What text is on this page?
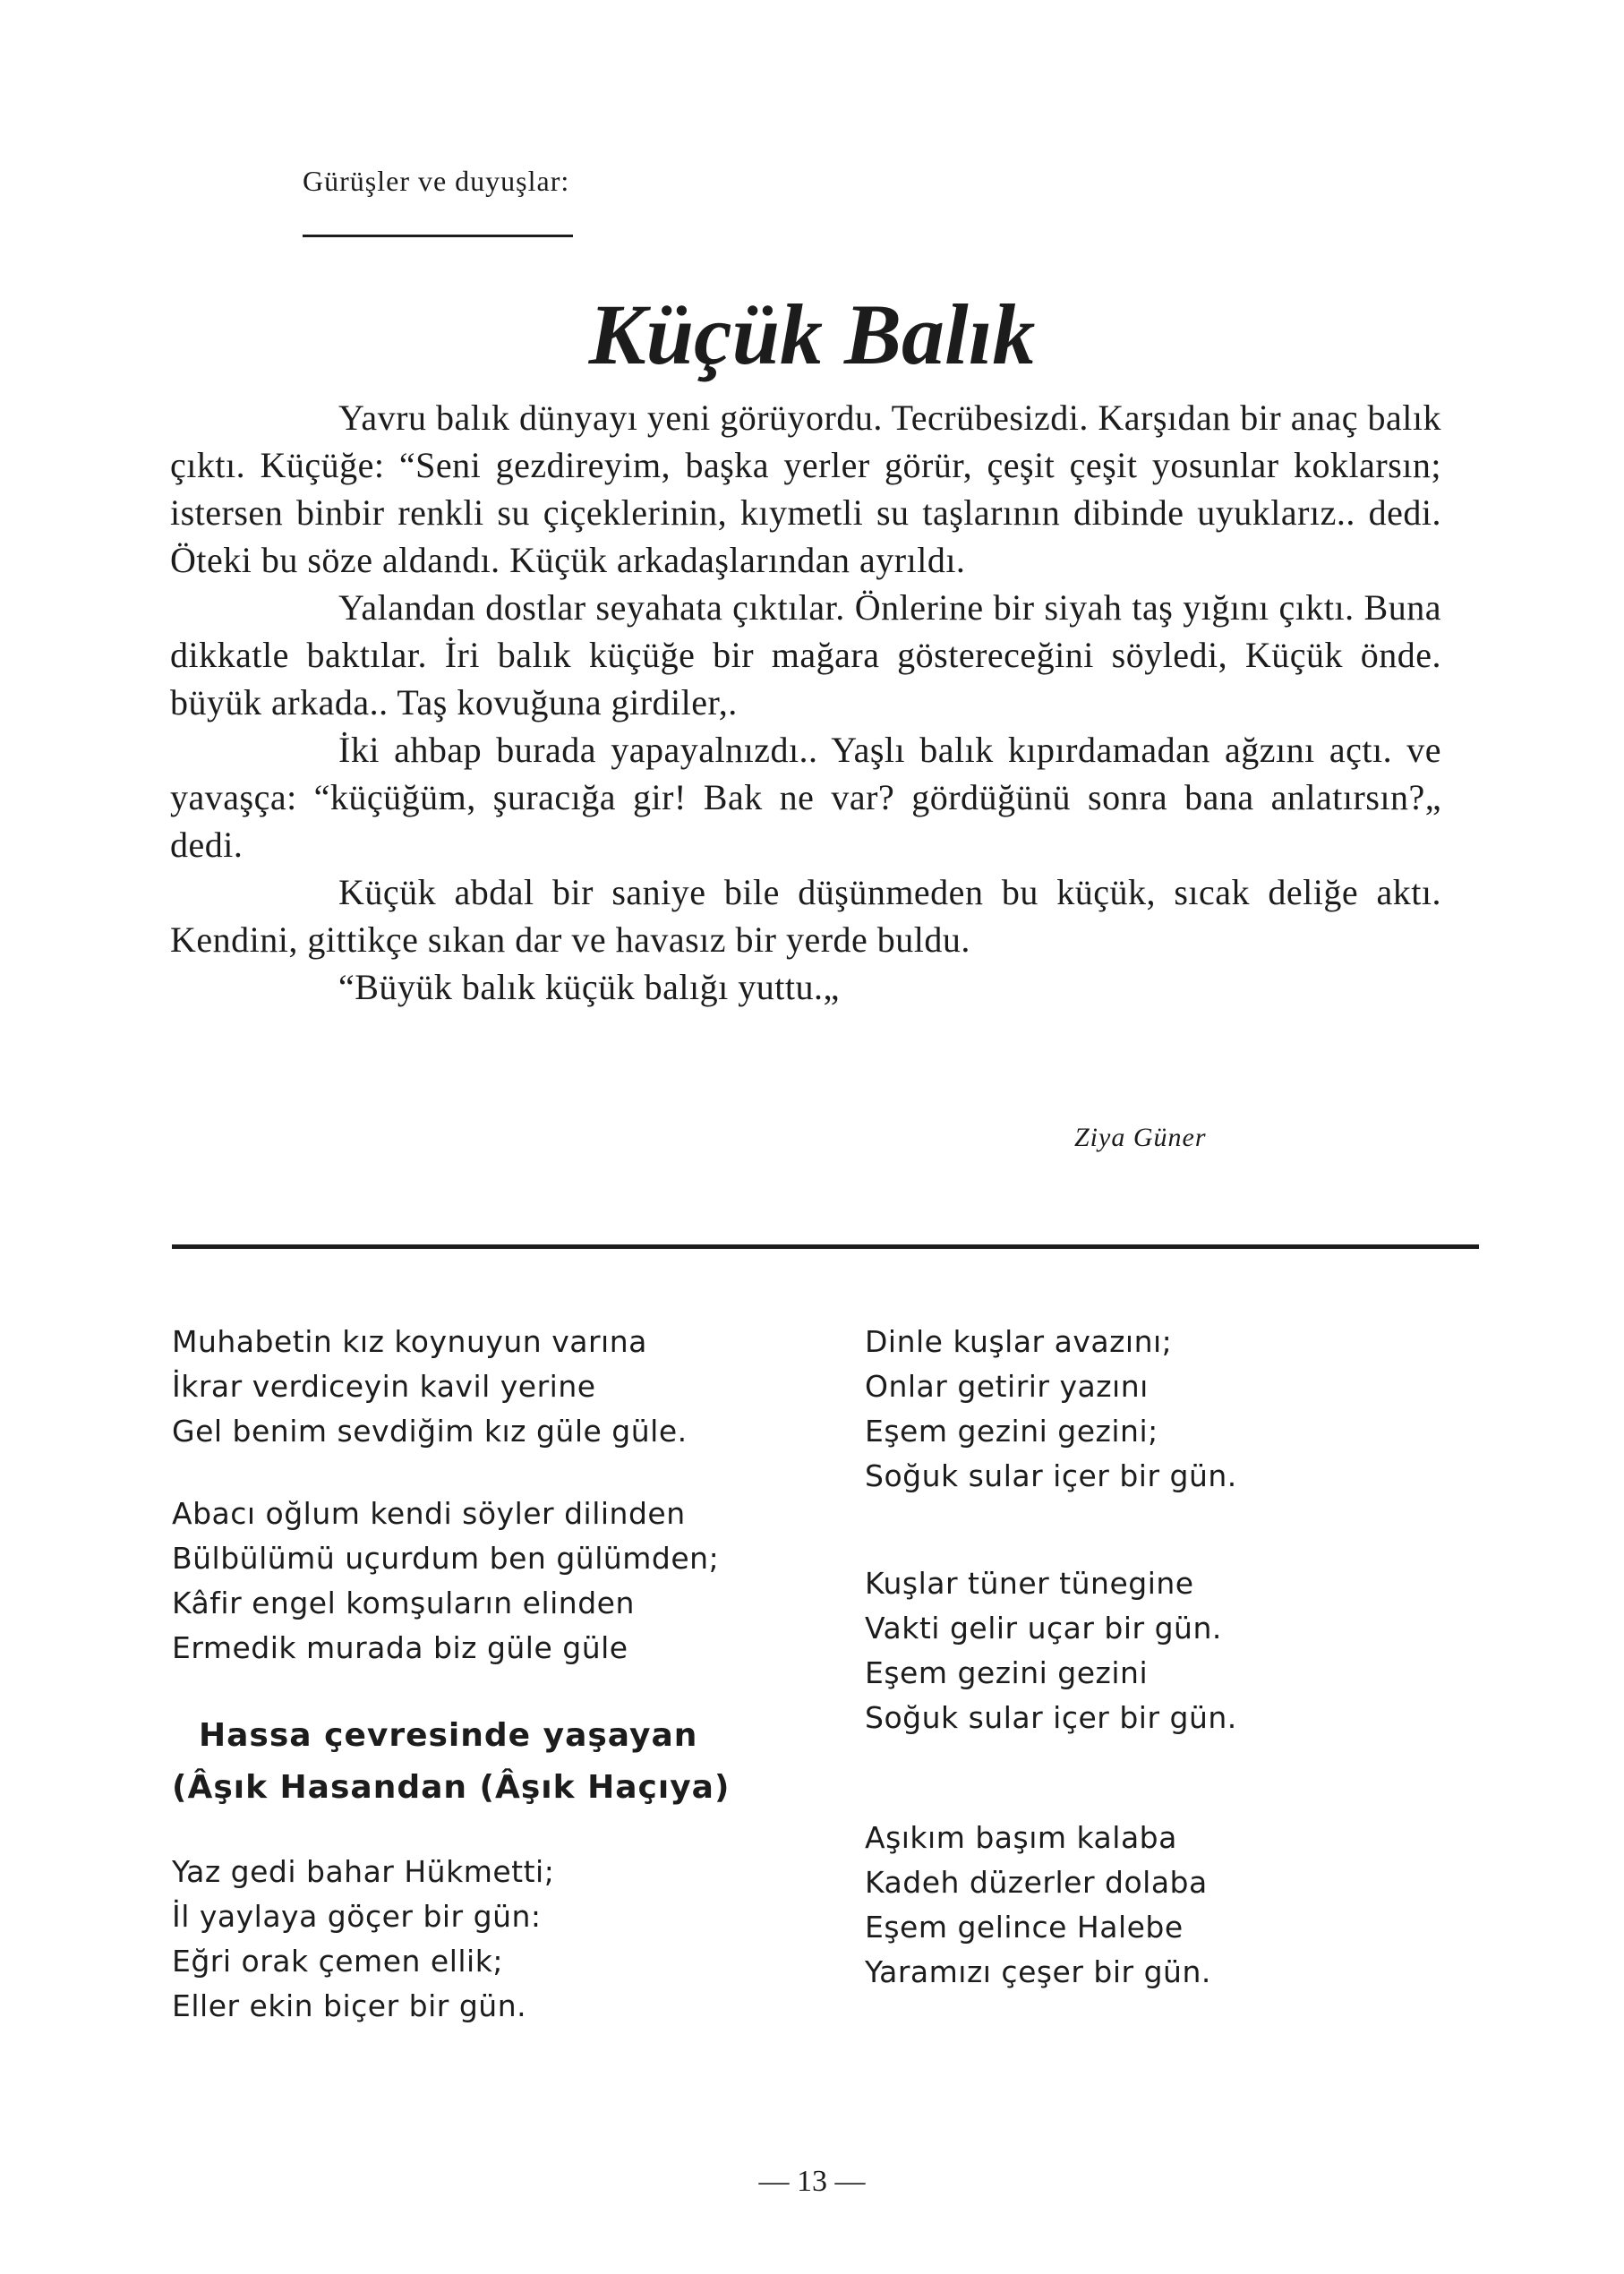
Gürüşler ve duyuşlar:
Küçük Balık

Yavru balık dünyayı yeni görüyordu. Tecrübesizdi. Karşıdan bir anaç balık çıktı. Küçüğe: “Seni gezdireyim, başka yerler görür, çeşit çeşit yosunlar koklarsın; istersen binbir renkli su çiçeklerinin, kıymetli su taşlarının dibinde uyuklarız.. dedi. Öteki bu söze aldandı. Küçük arkadaşlarından ayrıldı.

Yalandan dostlar seyahata çıktılar. Önlerine bir siyah taş yığını çıktı. Buna dikkatle baktılar. İri balık küçüğe bir mağara göstereceğini söyledi, Küçük önde. büyük arkada.. Taş kovuğuna girdiler,.

İki ahbap burada yapayalnızdı.. Yaşlı balık kıpırdamadan ağzını açtı. ve yavaşça: “küçüğüm, şuracığa gir! Bak ne var? gördüğünü sonra bana anlatırsın?„ dedi.

Küçük abdal bir saniye bile düşünmeden bu küçük, sıcak deliğe aktı. Kendini, gittikçe sıkan dar ve havasız bir yerde buldu.

“Büyük balık küçük balığı yuttu.„

Ziya Güner
Muhabetin kız koynuyun varına
İkrar verdiceyin kavil yerine
Gel benim sevdiğim kız güle güle.
Abacı oğlum kendi söyler dilinden
Bülbülümü uçurdum ben gülümden;
Kâfir engel komşuların elinden
Ermedik murada biz güle güle
Hassa çevresinde yaşayan
(Âşık Hasandan (Âşık Haçıya)
Yaz gedi bahar Hükmetti;
İl yaylaya göçer bir gün:
Eğri orak çemen ellik;
Eller ekin biçer bir gün.
Dinle kuşlar avazını;
Onlar getirir yazını
Eşem gezini gezini;
Soğuk sular içer bir gün.
Kuşlar tüner tünegine
Vakti gelir uçar bir gün.
Eşem gezini gezini
Soğuk sular içer bir gün.
Aşıkım başım kalaba
Kadeh düzerler dolaba
Eşem gelince Halebe
Yaramızı çeşer bir gün.
— 13 —
